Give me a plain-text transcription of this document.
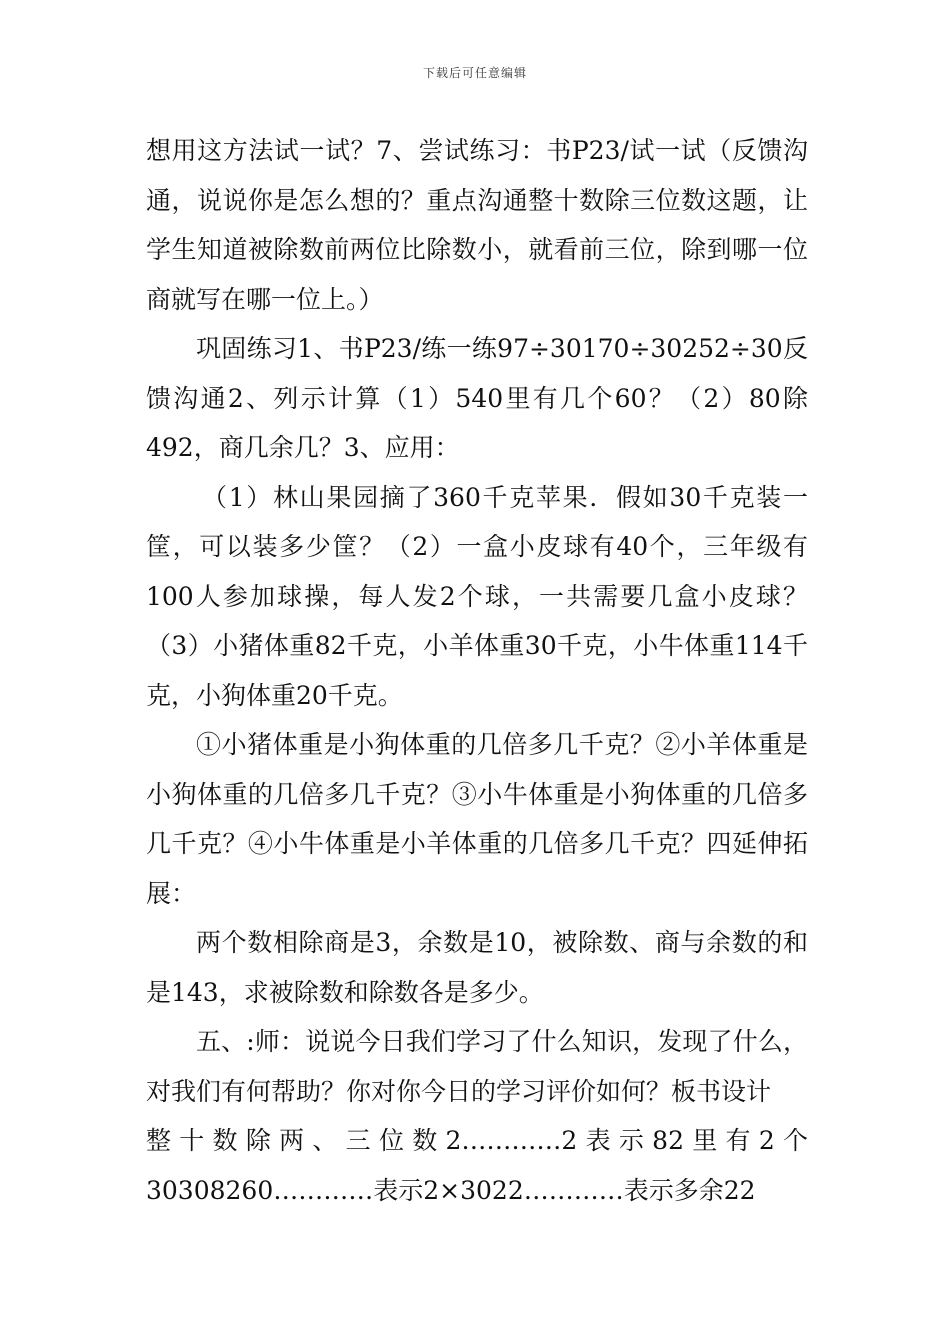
下载后可任意编辑

想用这方法试一试？7、尝试练习：书P23/试一试（反馈沟通，说说你是怎么想的？重点沟通整十数除三位数这题，让学生知道被除数前两位比除数小，就看前三位，除到哪一位商就写在哪一位上。）

巩固练习1、书P23/练一练97÷30170÷30252÷30反馈沟通2、列示计算（1）540里有几个60？（2）80除492，商几余几？3、应用：

（1）林山果园摘了360千克苹果．假如30千克装一筐，可以装多少筐？（2）一盒小皮球有40个，三年级有100人参加球操，每人发2个球，一共需要几盒小皮球？（3）小猪体重82千克，小羊体重30千克，小牛体重114千克，小狗体重20千克。

①小猪体重是小狗体重的几倍多几千克？②小羊体重是小狗体重的几倍多几千克？③小牛体重是小狗体重的几倍多几千克？④小牛体重是小羊体重的几倍多几千克？四延伸拓展：

两个数相除商是3，余数是10，被除数、商与余数的和是143，求被除数和除数各是多少。

五、:师：说说今日我们学习了什么知识，发现了什么，对我们有何帮助？你对你今日的学习评价如何？板书设计

整十数除两、三位数2…………2表示82里有2个

30308260…………表示2×3022…………表示多余22
